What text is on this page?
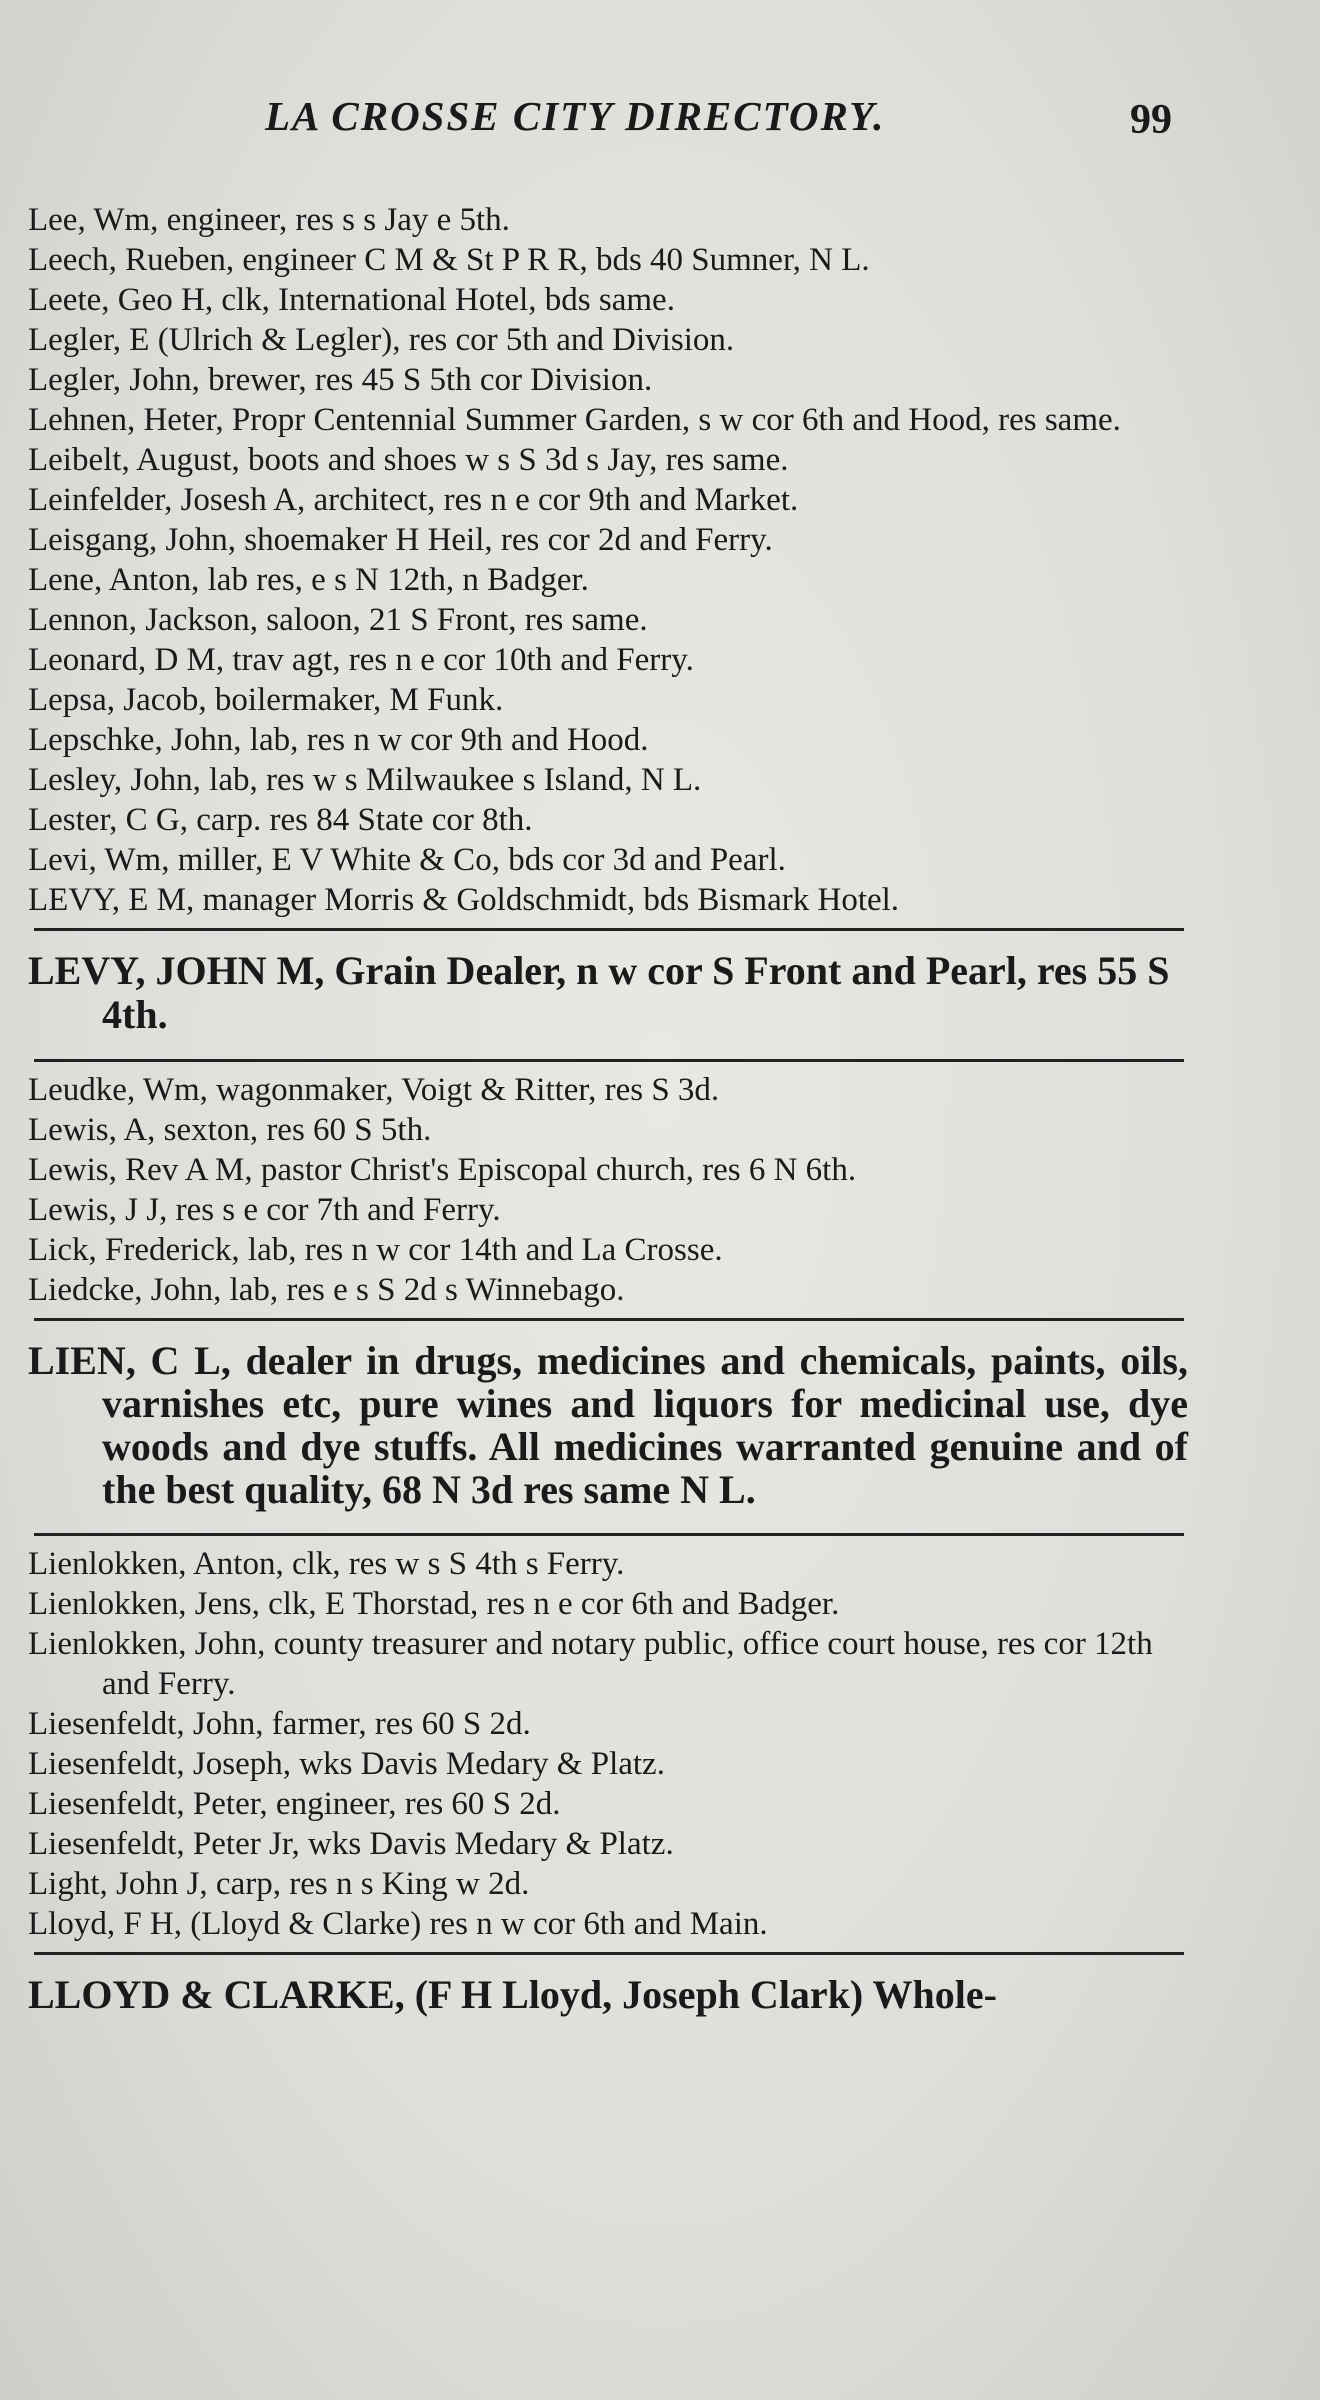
LA CROSSE CITY DIRECTORY.	99
Lee, Wm, engineer, res s s Jay e 5th.
Leech, Rueben, engineer C M & St P R R, bds 40 Sumner, N L.
Leete, Geo H, clk, International Hotel, bds same.
Legler, E (Ulrich & Legler), res cor 5th and Division.
Legler, John, brewer, res 45 S 5th cor Division.
Lehnen, Heter, Propr Centennial Summer Garden, s w cor 6th and Hood, res same.
Leibelt, August, boots and shoes w s S 3d s Jay, res same.
Leinfelder, Josesh A, architect, res n e cor 9th and Market.
Leisgang, John, shoemaker H Heil, res cor 2d and Ferry.
Lene, Anton, lab res, e s N 12th, n Badger.
Lennon, Jackson, saloon, 21 S Front, res same.
Leonard, D M, trav agt, res n e cor 10th and Ferry.
Lepsa, Jacob, boilermaker, M Funk.
Lepschke, John, lab, res n w cor 9th and Hood.
Lesley, John, lab, res w s Milwaukee s Island, N L.
Lester, C G, carp. res 84 State cor 8th.
Levi, Wm, miller, E V White & Co, bds cor 3d and Pearl.
LEVY, E M, manager Morris & Goldschmidt, bds Bismark Hotel.
LEVY, JOHN M, Grain Dealer, n w cor S Front and Pearl, res 55 S 4th.
Leudke, Wm, wagonmaker, Voigt & Ritter, res S 3d.
Lewis, A, sexton, res 60 S 5th.
Lewis, Rev A M, pastor Christ's Episcopal church, res 6 N 6th.
Lewis, J J, res s e cor 7th and Ferry.
Lick, Frederick, lab, res n w cor 14th and La Crosse.
Liedcke, John, lab, res e s S 2d s Winnebago.
LIEN, C L, dealer in drugs, medicines and chemicals, paints, oils, varnishes etc, pure wines and liquors for medicinal use, dye woods and dye stuffs. All medicines warranted genuine and of the best quality, 68 N 3d res same N L.
Lienlokken, Anton, clk, res w s S 4th s Ferry.
Lienlokken, Jens, clk, E Thorstad, res n e cor 6th and Badger.
Lienlokken, John, county treasurer and notary public, office court house, res cor 12th and Ferry.
Liesenfeldt, John, farmer, res 60 S 2d.
Liesenfeldt, Joseph, wks Davis Medary & Platz.
Liesenfeldt, Peter, engineer, res 60 S 2d.
Liesenfeldt, Peter Jr, wks Davis Medary & Platz.
Light, John J, carp, res n s King w 2d.
Lloyd, F H, (Lloyd & Clarke) res n w cor 6th and Main.
LLOYD & CLARKE, (F H Lloyd, Joseph Clark) Whole-
